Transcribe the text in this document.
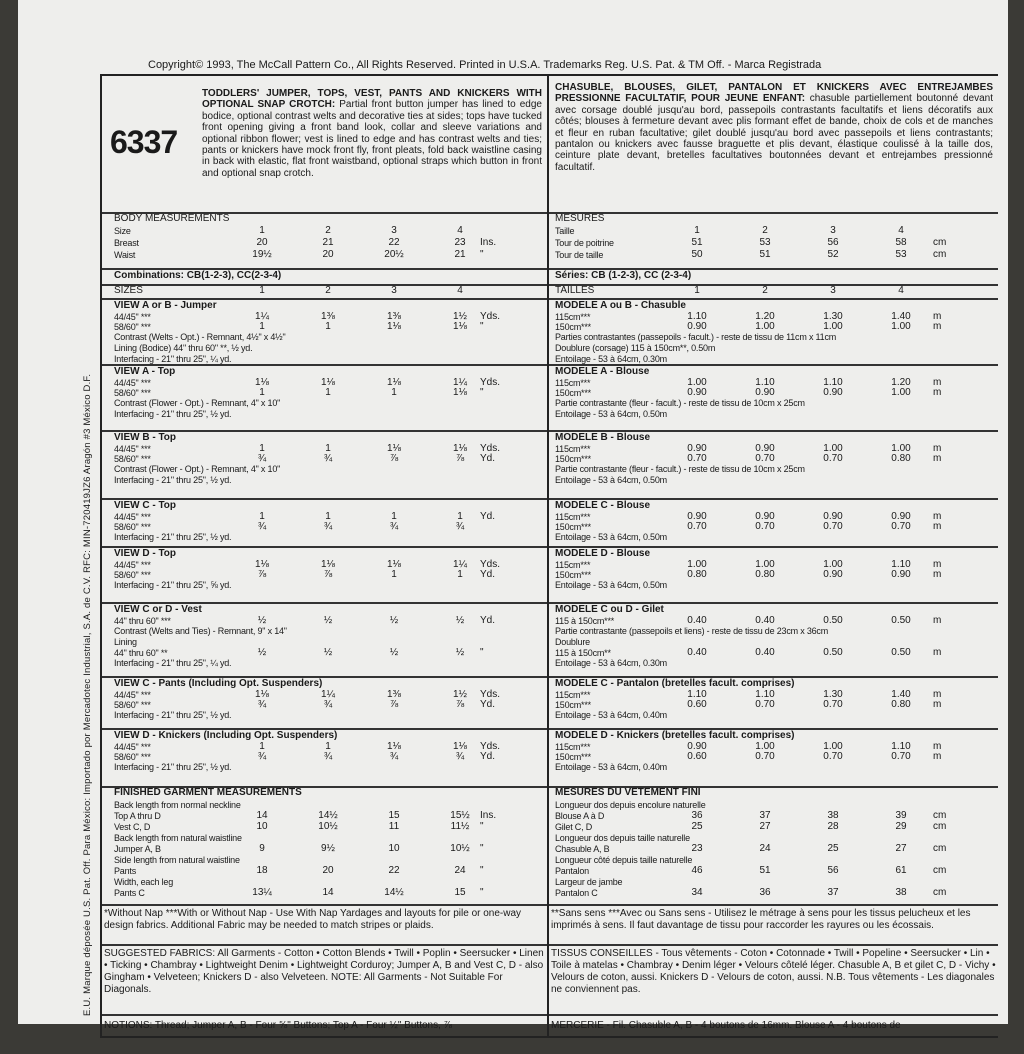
Copyright© 1993, The McCall Pattern Co., All Rights Reserved. Printed in U.S.A. Trademarks Reg. U.S. Pat. & TM Off. - Marca Registrada
E.U. Marque déposée U.S. Pat. Off. Para México: Importado por Mercadotec Industrial, S.A. de C.V. RFC: MIN-720419JZ6 Aragón #3 México D.F.
6337
TODDLERS' JUMPER, TOPS, VEST, PANTS AND KNICKERS WITH OPTIONAL SNAP CROTCH: Partial front button jumper has lined to edge bodice, optional contrast welts and decorative ties at sides; tops have tucked front opening giving a front band look, collar and sleeve variations and optional ribbon flower; vest is lined to edge and has contrast welts and ties; pants or knickers have mock front fly, front pleats, fold back waistline casing in back with elastic, flat front waistband, optional straps which button in front and optional snap crotch.
BODY MEASUREMENTS
Size	1	2	3	4
Breast	20	21	22	23	Ins.
Waist	19½	20	20½	21	"
Combinations: CB(1-2-3), CC(2-3-4)
SIZES	1	2	3	4
VIEW A or B - Jumper
44/45" ***	1¼	1⅜	1⅜	1½	Yds.
58/60" ***	1	1	1⅛	1⅛	"
Contrast (Welts - Opt.) - Remnant, 4½" x 4½"
Lining (Bodice) 44" thru 60" **, ½ yd.
Interfacing - 21" thru 25", ¼ yd.
VIEW A - Top
44/45" ***	1⅛	1⅛	1⅛	1¼	Yds.
58/60" ***	1	1	1	1⅛	"
Contrast (Flower - Opt.) - Remnant, 4" x 10"
Interfacing - 21" thru 25", ½ yd.
VIEW B - Top
44/45" ***	1	1	1⅛	1⅛	Yds.
58/60" ***	¾	¾	⅞	⅞	Yd.
Contrast (Flower - Opt.) - Remnant, 4" x 10"
Interfacing - 21" thru 25", ½ yd.
VIEW C - Top
44/45" ***	1	1	1	1	Yd.
58/60" ***	¾	¾	¾	¾
Interfacing - 21" thru 25", ½ yd.
VIEW D - Top
44/45" ***	1⅛	1⅛	1⅛	1¼	Yds.
58/60" ***	⅞	⅞	1	1	Yd.
Interfacing - 21" thru 25", ⅝ yd.
VIEW C or D - Vest
44" thru 60" ***	½	½	½	½	Yd.
Contrast (Welts and Ties) - Remnant, 9" x 14"
Lining
44" thru 60" **	½	½	½	½	"
Interfacing - 21" thru 25", ¼ yd.
VIEW C - Pants (Including Opt. Suspenders)
44/45" ***	1⅛	1¼	1⅜	1½	Yds.
58/60" ***	¾	¾	⅞	⅞	Yd.
Interfacing - 21" thru 25", ½ yd.
VIEW D - Knickers (Including Opt. Suspenders)
44/45" ***	1	1	1⅛	1⅛	Yds.
58/60" ***	¾	¾	¾	¾	Yd.
Interfacing - 21" thru 25", ½ yd.
FINISHED GARMENT MEASUREMENTS
Back length from normal neckline
Top A thru D	14	14½	15	15½	Ins.
Vest C, D	10	10½	11	11½	"
Back length from natural waistline
Jumper A, B	9	9½	10	10½	"
Side length from natural waistline
Pants	18	20	22	24	"
Width, each leg
Pants C	13¼	14	14½	15	"
*Without Nap ***With or Without Nap - Use With Nap Yardages and layouts for pile or one-way design fabrics. Additional Fabric may be needed to match stripes or plaids.
SUGGESTED FABRICS: All Garments - Cotton • Cotton Blends • Twill • Poplin • Seersucker • Linen • Ticking • Chambray • Lightweight Denim • Lightweight Corduroy; Jumper A, B and Vest C, D - also Gingham • Velveteen; Knickers D - also Velveteen. NOTE: All Garments - Not Suitable For Diagonals.
NOTIONS: Thread; Jumper A, B - Four ⅝" Buttons; Top A - Four ½" Buttons, ⅞
CHASUBLE, BLOUSES, GILET, PANTALON ET KNICKERS AVEC ENTREJAMBES PRESSIONNE FACULTATIF, POUR JEUNE ENFANT: chasuble partiellement boutonné devant avec corsage doublé jusqu'au bord, passepoils contrastants facultatifs et liens décoratifs aux côtés; blouses à fermeture devant avec plis formant effet de bande, choix de cols et de manches et fleur en ruban facultative; gilet doublé jusqu'au bord avec passepoils et liens contrastants; pantalon ou knickers avec fausse braguette et plis devant, élastique coulissé à la taille dos, ceinture plate devant, bretelles facultatives boutonnées devant et entrejambes pressionné facultatif.
MESURES
Taille	1	2	3	4
Tour de poitrine	51	53	56	58	cm
Tour de taille	50	51	52	53	cm
Séries: CB (1-2-3), CC (2-3-4)
TAILLES	1	2	3	4
MODELE A ou B - Chasuble
115cm***	1.10	1.20	1.30	1.40	m
150cm***	0.90	1.00	1.00	1.00	m
Parties contrastantes (passepoils - facult.) - reste de tissu de 11cm x 11cm
Doublure (corsage) 115 à 150cm**, 0.50m
Entoilage - 53 à 64cm, 0.30m
MODELE A - Blouse
115cm***	1.00	1.10	1.10	1.20	m
150cm***	0.90	0.90	0.90	1.00	m
Partie contrastante (fleur - facult.) - reste de tissu de 10cm x 25cm
Entoilage - 53 à 64cm, 0.50m
MODELE B - Blouse
115cm***	0.90	0.90	1.00	1.00	m
150cm***	0.70	0.70	0.70	0.80	m
Partie contrastante (fleur - facult.) - reste de tissu de 10cm x 25cm
Entoilage - 53 à 64cm, 0.50m
MODELE C - Blouse
115cm***	0.90	0.90	0.90	0.90	m
150cm***	0.70	0.70	0.70	0.70	m
Entoilage - 53 à 64cm, 0.50m
MODELE D - Blouse
115cm***	1.00	1.00	1.00	1.10	m
150cm***	0.80	0.80	0.90	0.90	m
Entoilage - 53 à 64cm, 0.50m
MODELE C ou D - Gilet
115 à 150cm***	0.40	0.40	0.50	0.50	m
Partie contrastante (passepoils et liens) - reste de tissu de 23cm x 36cm
Doublure
115 à 150cm**	0.40	0.40	0.50	0.50	m
Entoilage - 53 à 64cm, 0.30m
MODELE C - Pantalon (bretelles facult. comprises)
115cm***	1.10	1.10	1.30	1.40	m
150cm***	0.60	0.70	0.70	0.80	m
Entoilage - 53 à 64cm, 0.40m
MODELE D - Knickers (bretelles facult. comprises)
115cm***	0.90	1.00	1.00	1.10	m
150cm***	0.60	0.70	0.70	0.70	m
Entoilage - 53 à 64cm, 0.40m
MESURES DU VETEMENT FINI
Longueur dos depuis encolure naturelle
Blouse A à D	36	37	38	39	cm
Gilet C, D	25	27	28	29	cm
Longueur dos depuis taille naturelle
Chasuble A, B	23	24	25	27	cm
Longueur côté depuis taille naturelle
Pantalon	46	51	56	61	cm
Largeur de jambe
Pantalon C	34	36	37	38	cm
**Sans sens ***Avec ou Sans sens - Utilisez le métrage à sens pour les tissus pelucheux et les imprimés à sens. Il faut davantage de tissu pour raccorder les rayures ou les écossais.
TISSUS CONSEILLES - Tous vêtements - Coton • Cotonnade • Twill • Popeline • Seersucker • Lin • Toile à matelas • Chambray • Denim léger • Velours côtelé léger. Chasuble A, B et gilet C, D - Vichy • Velours de coton, aussi. Knickers D - Velours de coton, aussi. N.B. Tous vêtements - Les diagonales ne conviennent pas.
MERCERIE - Fil. Chasuble A, B - 4 boutons de 16mm. Blouse A - 4 boutons de
